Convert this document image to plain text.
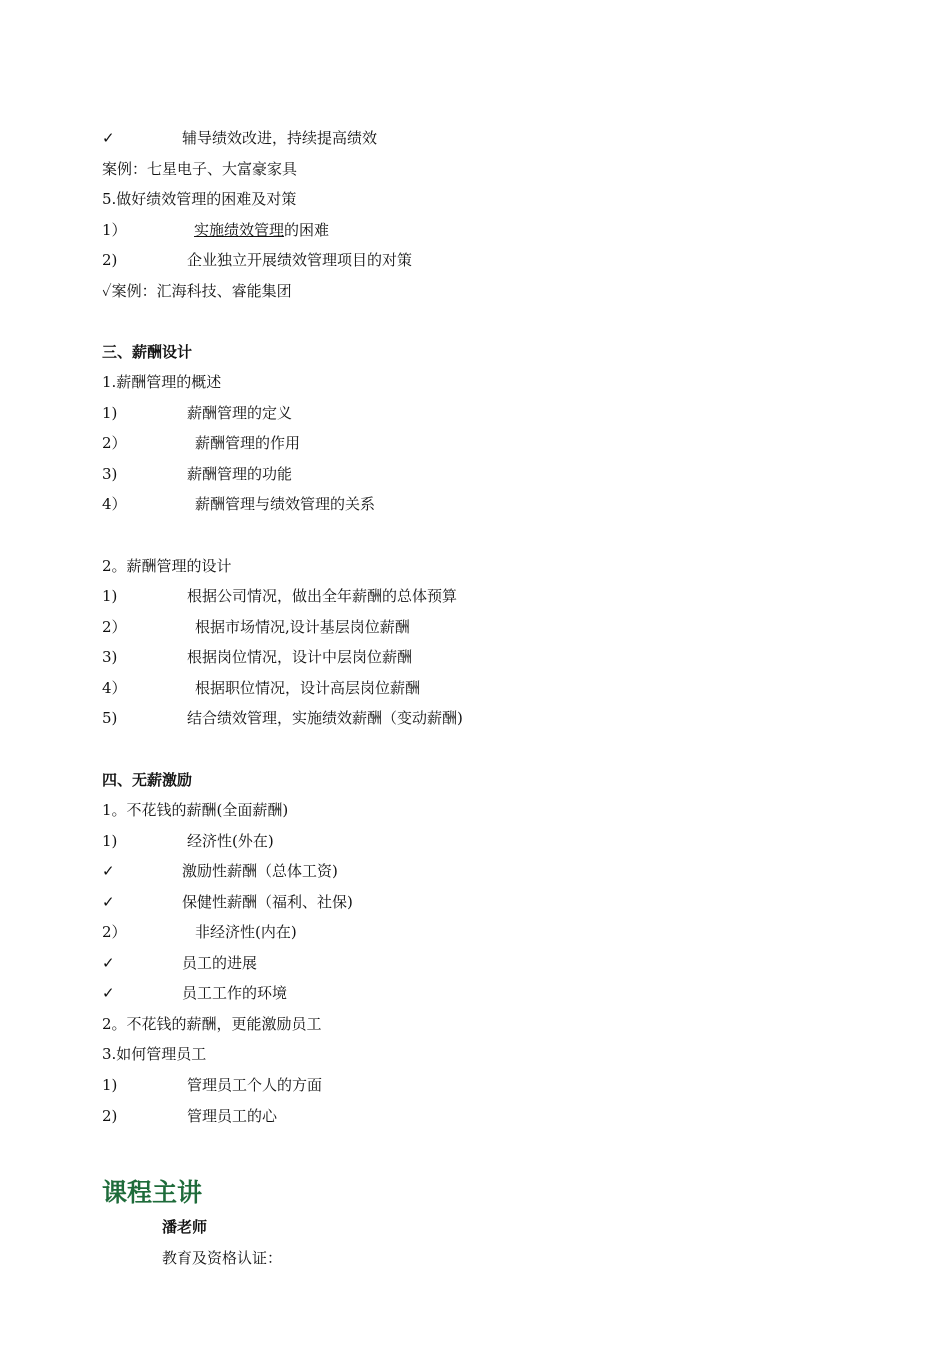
✓	辅导绩效改进，持续提高绩效
案例：七星电子、大富豪家具
5.做好绩效管理的困难及对策
1）	实施绩效管理的困难
2)	企业独立开展绩效管理项目的对策
✓案例：汇海科技、睿能集团
三、薪酬设计
1.薪酬管理的概述
1)	薪酬管理的定义
2）	薪酬管理的作用
3)	薪酬管理的功能
4）	薪酬管理与绩效管理的关系
2。薪酬管理的设计
1)	根据公司情况，做出全年薪酬的总体预算
2）	根据市场情况,设计基层岗位薪酬
3)	根据岗位情况，设计中层岗位薪酬
4）	根据职位情况，设计高层岗位薪酬
5)	结合绩效管理，实施绩效薪酬（变动薪酬)
四、无薪激励
1。不花钱的薪酬(全面薪酬)
1)	经济性(外在)
✓	激励性薪酬（总体工资)
✓	保健性薪酬（福利、社保)
2）	非经济性(内在)
✓	员工的进展
✓	员工工作的环境
2。不花钱的薪酬，更能激励员工
3.如何管理员工
1)	管理员工个人的方面
2)	管理员工的心
课程主讲
潘老师
教育及资格认证：
